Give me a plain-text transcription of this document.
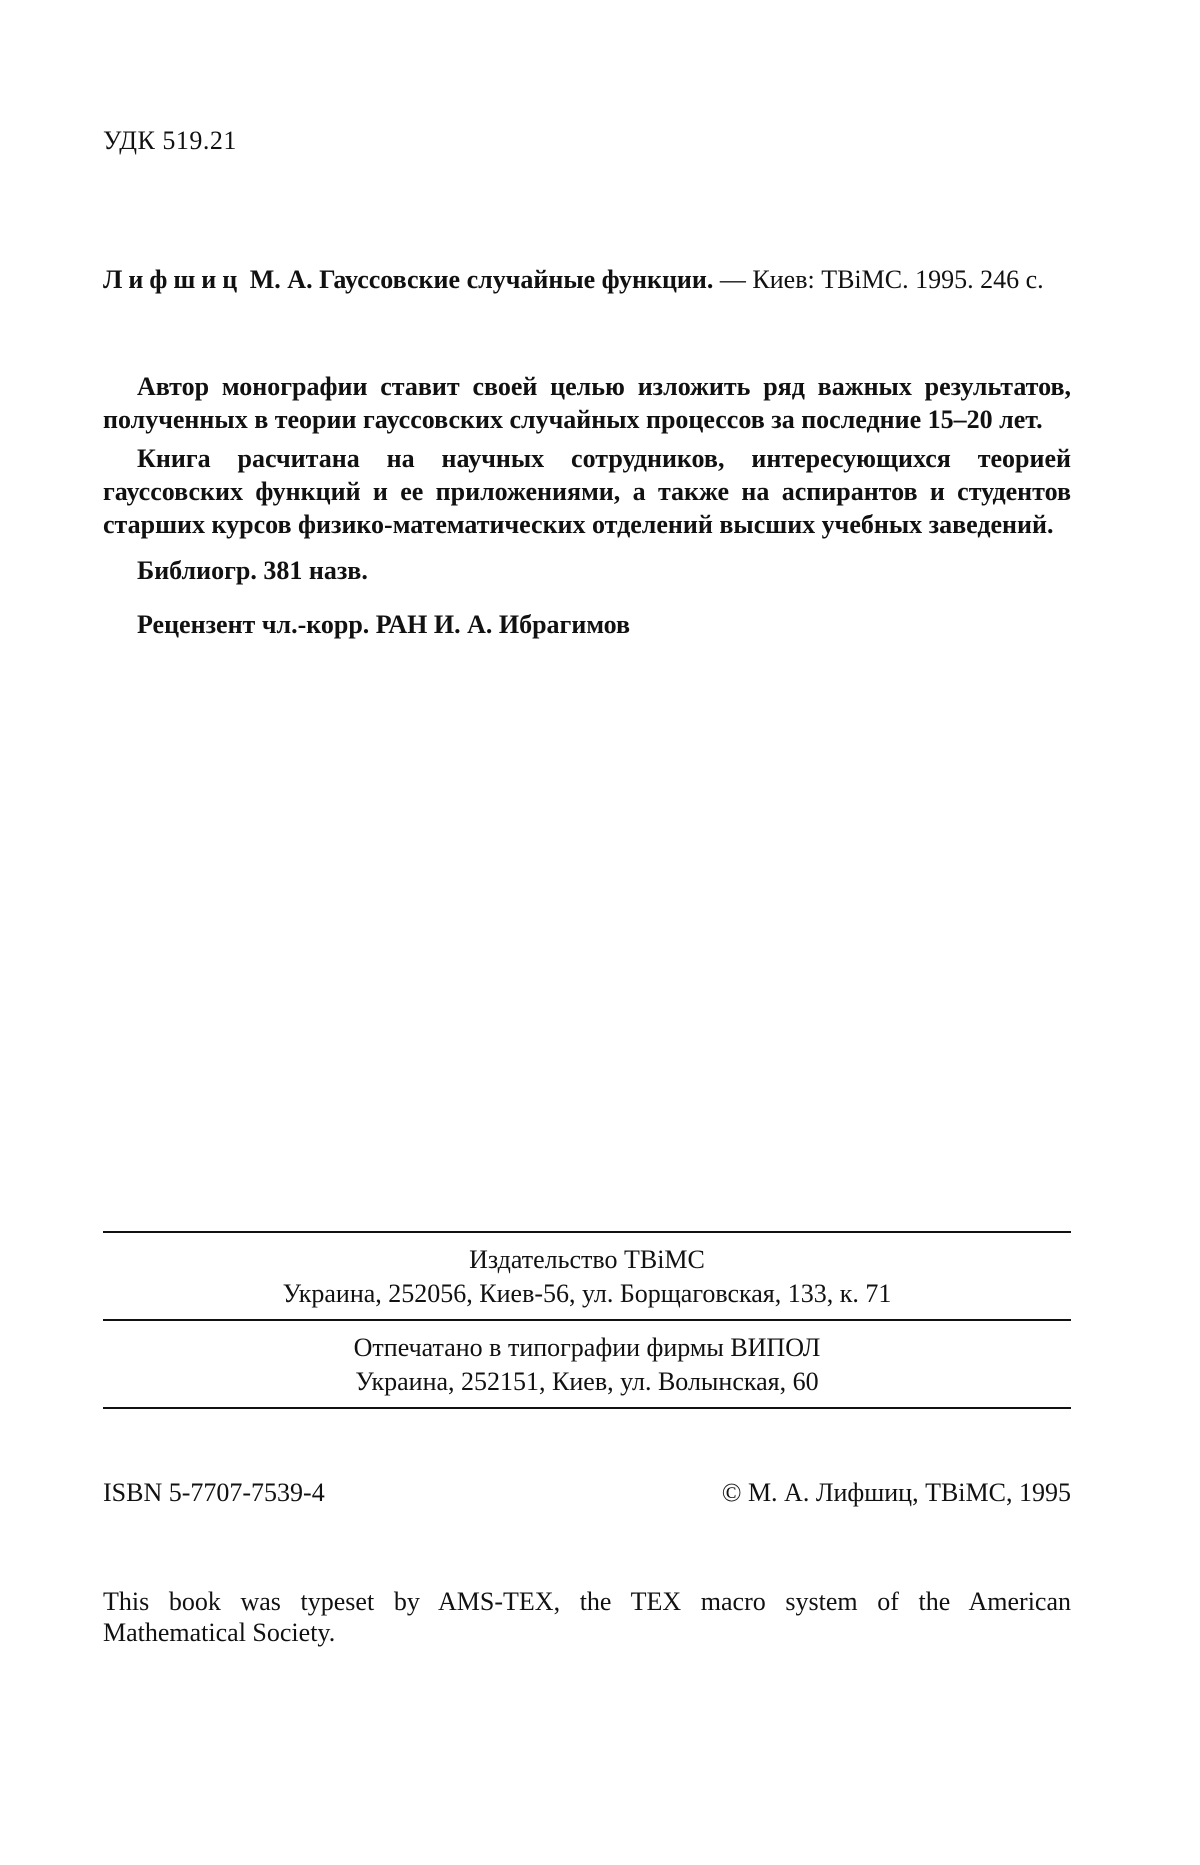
УДК 519.21
Лифшиц М. А. Гауссовские случайные функции. — Киев: ТВіМС. 1995. 246 с.
Автор монографии ставит своей целью изложить ряд важных результатов, полученных в теории гауссовских случайных процессов за последние 15–20 лет.
Книга расчитана на научных сотрудников, интересующихся теорией гауссовских функций и ее приложениями, а также на аспирантов и студентов старших курсов физико-математических отделений высших учебных заведений.
Библиогр. 381 назв.
Рецензент чл.-корр. РАН И. А. Ибрагимов
Издательство ТВіМС
Украина, 252056, Киев-56, ул. Борщаговская, 133, к. 71
Отпечатано в типографии фирмы ВИПОЛ
Украина, 252151, Киев, ул. Волынская, 60
ISBN 5-7707-7539-4	© М. А. Лифшиц, ТВіМС, 1995
This book was typeset by AMS-TEX, the TEX macro system of the American
Mathematical Society.
